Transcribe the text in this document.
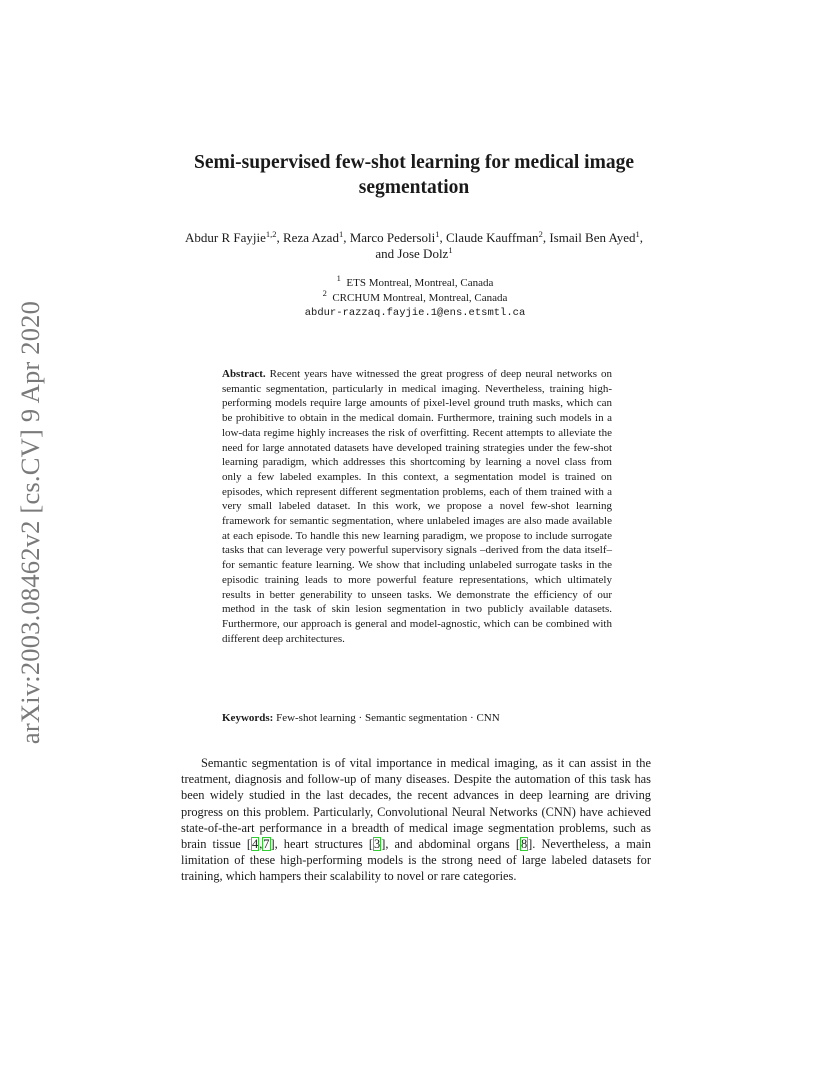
arXiv:2003.08462v2 [cs.CV] 9 Apr 2020
Semi-supervised few-shot learning for medical image segmentation
Abdur R Fayjie$^{1,2}$, Reza Azad$^1$, Marco Pedersoli$^1$, Claude Kauffman$^2$, Ismail Ben Ayed$^1$, and Jose Dolz$^1$
$^1$ ETS Montreal, Montreal, Canada
$^2$ CRCHUM Montreal, Montreal, Canada
abdur-razzaq.fayjie.1@ens.etsmtl.ca

Abstract. Recent years have witnessed the great progress of deep neural networks on semantic segmentation, particularly in medical imaging. Nevertheless, training high-performing models require large amounts of pixel-level ground truth masks, which can be prohibitive to obtain in the medical domain. Furthermore, training such models in a low-data regime highly increases the risk of overfitting. Recent attempts to alleviate the need for large annotated datasets have developed training strategies under the few-shot learning paradigm, which addresses this shortcoming by learning a novel class from only a few labeled examples. In this context, a segmentation model is trained on episodes, which represent different segmentation problems, each of them trained with a very small labeled dataset. In this work, we propose a novel few-shot learning framework for semantic segmentation, where unlabeled images are also made available at each episode. To handle this new learning paradigm, we propose to include surrogate tasks that can leverage very powerful supervisory signals –derived from the data itself– for semantic feature learning. We show that including unlabeled surrogate tasks in the episodic training leads to more powerful feature representations, which ultimately results in better generability to unseen tasks. We demonstrate the efficiency of our method in the task of skin lesion segmentation in two publicly available datasets. Furthermore, our approach is general and model-agnostic, which can be combined with different deep architectures.

Keywords: Few-shot learning · Semantic segmentation · CNN

Semantic segmentation is of vital importance in medical imaging, as it can assist in the treatment, diagnosis and follow-up of many diseases. Despite the automation of this task has been widely studied in the last decades, the recent advances in deep learning are driving progress on this problem. Particularly, Convolutional Neural Networks (CNN) have achieved state-of-the-art performance in a breadth of medical image segmentation problems, such as brain tissue [4,7], heart structures [3], and abdominal organs [8]. Nevertheless, a main limitation of these high-performing models is the strong need of large labeled datasets for training, which hampers their scalability to novel or rare categories.
